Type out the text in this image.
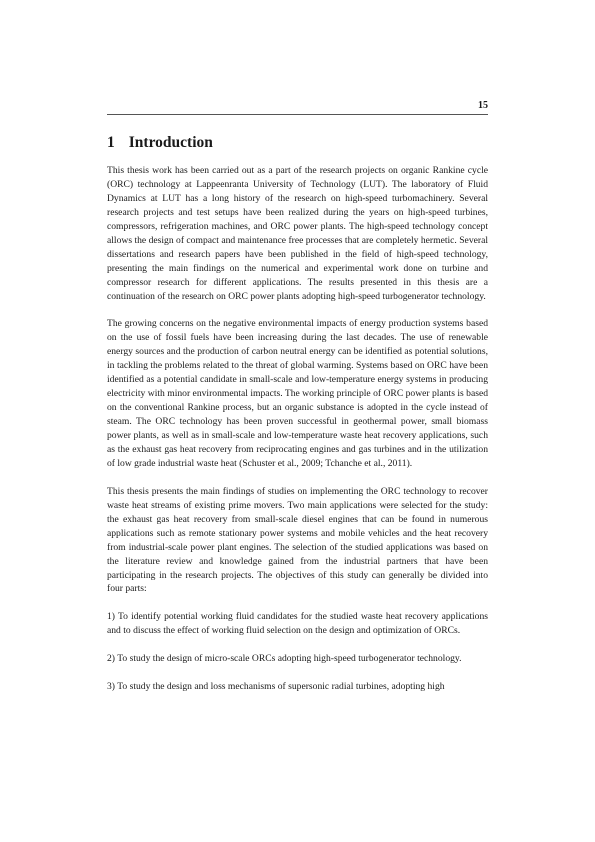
15
1 Introduction

This thesis work has been carried out as a part of the research projects on organic Rankine cycle (ORC) technology at Lappeenranta University of Technology (LUT). The laboratory of Fluid Dynamics at LUT has a long history of the research on high-speed turbomachinery. Several research projects and test setups have been realized during the years on high-speed turbines, compressors, refrigeration machines, and ORC power plants. The high-speed technology concept allows the design of compact and maintenance free processes that are completely hermetic. Several dissertations and research papers have been published in the field of high-speed technology, presenting the main findings on the numerical and experimental work done on turbine and compressor research for different applications. The results presented in this thesis are a continuation of the research on ORC power plants adopting high-speed turbogenerator technology.

The growing concerns on the negative environmental impacts of energy production systems based on the use of fossil fuels have been increasing during the last decades. The use of renewable energy sources and the production of carbon neutral energy can be identified as potential solutions, in tackling the problems related to the threat of global warming. Systems based on ORC have been identified as a potential candidate in small-scale and low-temperature energy systems in producing electricity with minor environmental impacts. The working principle of ORC power plants is based on the conventional Rankine process, but an organic substance is adopted in the cycle instead of steam. The ORC technology has been proven successful in geothermal power, small biomass power plants, as well as in small-scale and low-temperature waste heat recovery applications, such as the exhaust gas heat recovery from reciprocating engines and gas turbines and in the utilization of low grade industrial waste heat (Schuster et al., 2009; Tchanche et al., 2011).

This thesis presents the main findings of studies on implementing the ORC technology to recover waste heat streams of existing prime movers. Two main applications were selected for the study: the exhaust gas heat recovery from small-scale diesel engines that can be found in numerous applications such as remote stationary power systems and mobile vehicles and the heat recovery from industrial-scale power plant engines. The selection of the studied applications was based on the literature review and knowledge gained from the industrial partners that have been participating in the research projects. The objectives of this study can generally be divided into four parts:

1) To identify potential working fluid candidates for the studied waste heat recovery applications and to discuss the effect of working fluid selection on the design and optimization of ORCs.

2) To study the design of micro-scale ORCs adopting high-speed turbogenerator technology.

3) To study the design and loss mechanisms of supersonic radial turbines, adopting high
